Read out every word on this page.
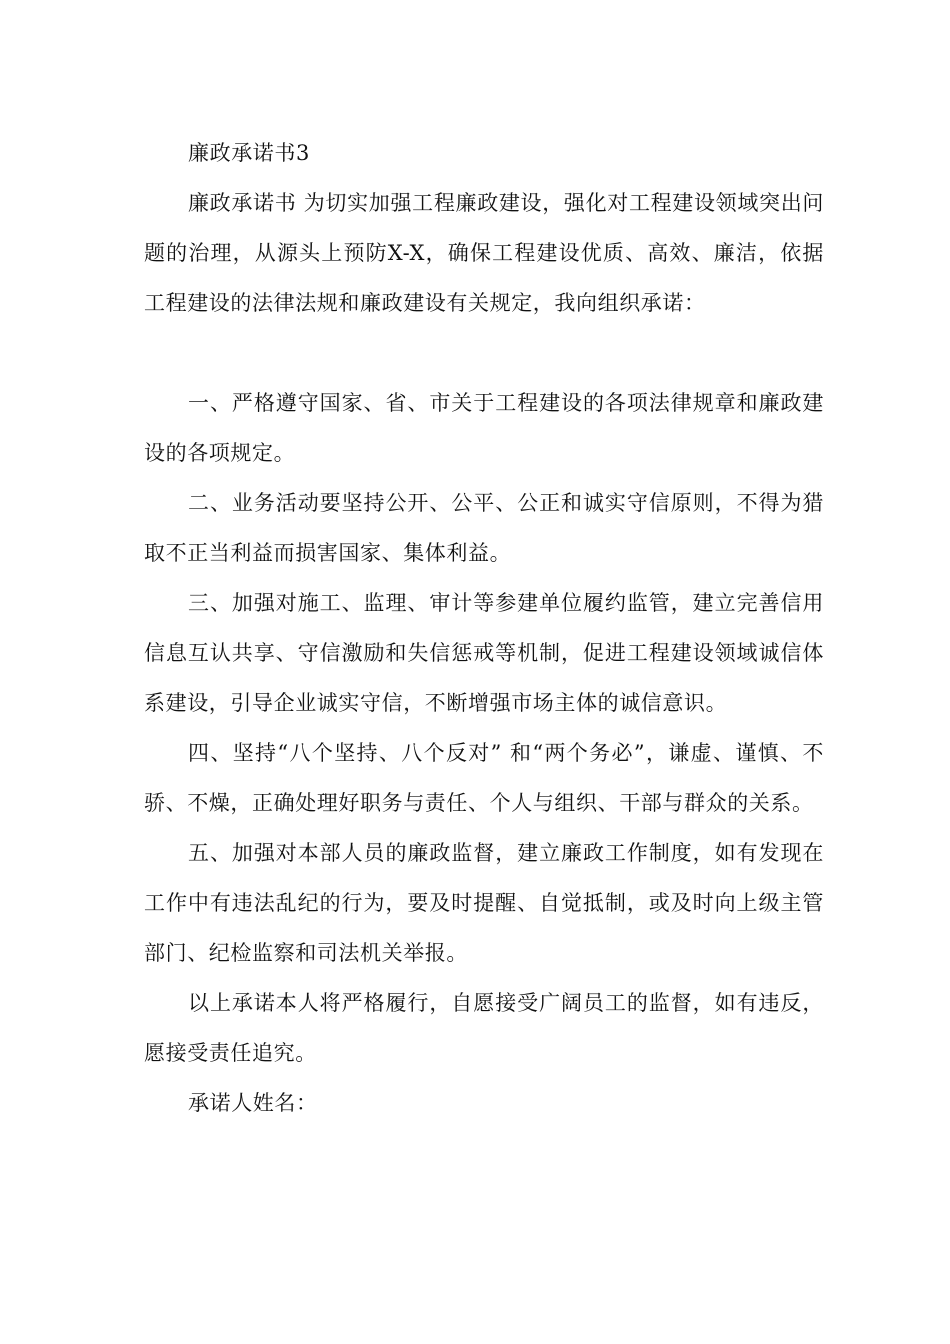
廉政承诺书3

廉政承诺书 为切实加强工程廉政建设，强化对工程建设领域突出问题的治理，从源头上预防X-X，确保工程建设优质、高效、廉洁，依据工程建设的法律法规和廉政建设有关规定，我向组织承诺：

一、严格遵守国家、省、市关于工程建设的各项法律规章和廉政建设的各项规定。

二、业务活动要坚持公开、公平、公正和诚实守信原则，不得为猎取不正当利益而损害国家、集体利益。

三、加强对施工、监理、审计等参建单位履约监管，建立完善信用信息互认共享、守信激励和失信惩戒等机制，促进工程建设领域诚信体系建设，引导企业诚实守信，不断增强市场主体的诚信意识。

四、坚持“八个坚持、八个反对” 和“两个务必”，谦虚、谨慎、不骄、不燥，正确处理好职务与责任、个人与组织、干部与群众的关系。

五、加强对本部人员的廉政监督，建立廉政工作制度，如有发现在工作中有违法乱纪的行为，要及时提醒、自觉抵制，或及时向上级主管部门、纪检监察和司法机关举报。

以上承诺本人将严格履行，自愿接受广阔员工的监督，如有违反，愿接受责任追究。

承诺人姓名：
